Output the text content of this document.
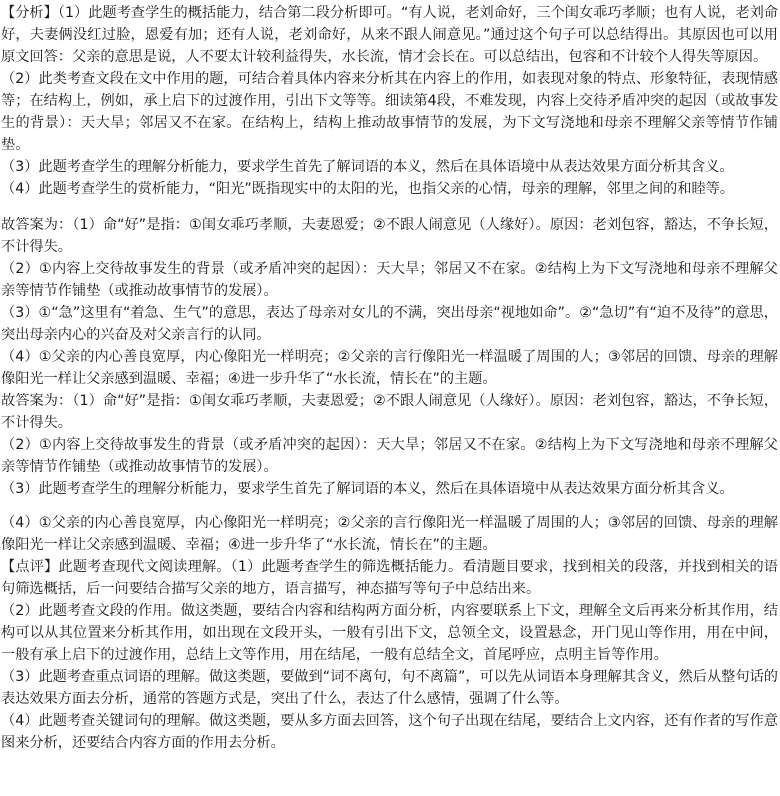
【分析】（1）此题考查学生的概括能力，结合第二段分析即可。“有人说，老刘命好，三个闺女乖巧孝顺；也有人说，老刘命好，夫妻俩没红过脸，恩爱有加；还有人说，老刘命好，从来不跟人闹意见。”通过这个句子可以总结得出。其原因也可以用原文回答：父亲的意思是说，人不要太计较利益得失，水长流，情才会长在。可以总结出，包容和不计较个人得失等原因。

（2）此类考查文段在文中作用的题，可结合着具体内容来分析其在内容上的作用，如表现对象的特点、形象特征，表现情感等；在结构上，例如，承上启下的过渡作用，引出下文等等。细读第4段，不难发现，内容上交待矛盾冲突的起因（或故事发生的背景）：天大旱；邻居又不在家。在结构上，结构上推动故事情节的发展，为下文写浇地和母亲不理解父亲等情节作铺垫。

（3）此题考查学生的理解分析能力，要求学生首先了解词语的本义，然后在具体语境中从表达效果方面分析其含义。

（4）此题考查学生的赏析能力，“阳光”既指现实中的太阳的光，也指父亲的心情，母亲的理解，邻里之间的和睦等。

故答案为：（1）命“好”是指：①闺女乖巧孝顺，夫妻恩爱；②不跟人闹意见（人缘好）。原因：老刘包容，豁达，不争长短，不计得失。

（2）①内容上交待故事发生的背景（或矛盾冲突的起因）：天大旱；邻居又不在家。②结构上为下文写浇地和母亲不理解父亲等情节作铺垫（或推动故事情节的发展）。

（3）①“急”这里有“着急、生气”的意思，表达了母亲对女儿的不满，突出母亲“视地如命”。②“急切”有“迫不及待”的意思，突出母亲内心的兴奋及对父亲言行的认同。

（4）①父亲的内心善良宽厚，内心像阳光一样明亮；②父亲的言行像阳光一样温暖了周围的人；③邻居的回馈、母亲的理解像阳光一样让父亲感到温暖、幸福；④进一步升华了“水长流，情长在”的主题。

故答案为：（1）命“好”是指：①闺女乖巧孝顺，夫妻恩爱；②不跟人闹意见（人缘好）。原因：老刘包容，豁达，不争长短，不计得失。

（2）①内容上交待故事发生的背景（或矛盾冲突的起因）：天大旱；邻居又不在家。②结构上为下文写浇地和母亲不理解父亲等情节作铺垫（或推动故事情节的发展）。

（3）此题考查学生的理解分析能力，要求学生首先了解词语的本义，然后在具体语境中从表达效果方面分析其含义。

（4）①父亲的内心善良宽厚，内心像阳光一样明亮；②父亲的言行像阳光一样温暖了周围的人；③邻居的回馈、母亲的理解像阳光一样让父亲感到温暖、幸福；④进一步升华了“水长流，情长在”的主题。

【点评】此题考查现代文阅读理解。（1）此题考查学生的筛选概括能力。看清题目要求，找到相关的段落，并找到相关的语句筛选概括，后一问要结合描写父亲的地方，语言描写，神态描写等句子中总结出来。

（2）此题考查文段的作用。做这类题，要结合内容和结构两方面分析，内容要联系上下文，理解全文后再来分析其作用，结构可以从其位置来分析其作用，如出现在文段开头，一般有引出下文，总领全文，设置悬念，开门见山等作用，用在中间，一般有承上启下的过渡作用，总结上文等作用，用在结尾，一般有总结全文，首尾呼应，点明主旨等作用。

（3）此题考查重点词语的理解。做这类题，要做到“词不离句，句不离篇”，可以先从词语本身理解其含义，然后从整句话的表达效果方面去分析，通常的答题方式是，突出了什么，表达了什么感情，强调了什么等。

（4）此题考查关键词句的理解。做这类题，要从多方面去回答，这个句子出现在结尾，要结合上文内容，还有作者的写作意图来分析，还要结合内容方面的作用去分析。
